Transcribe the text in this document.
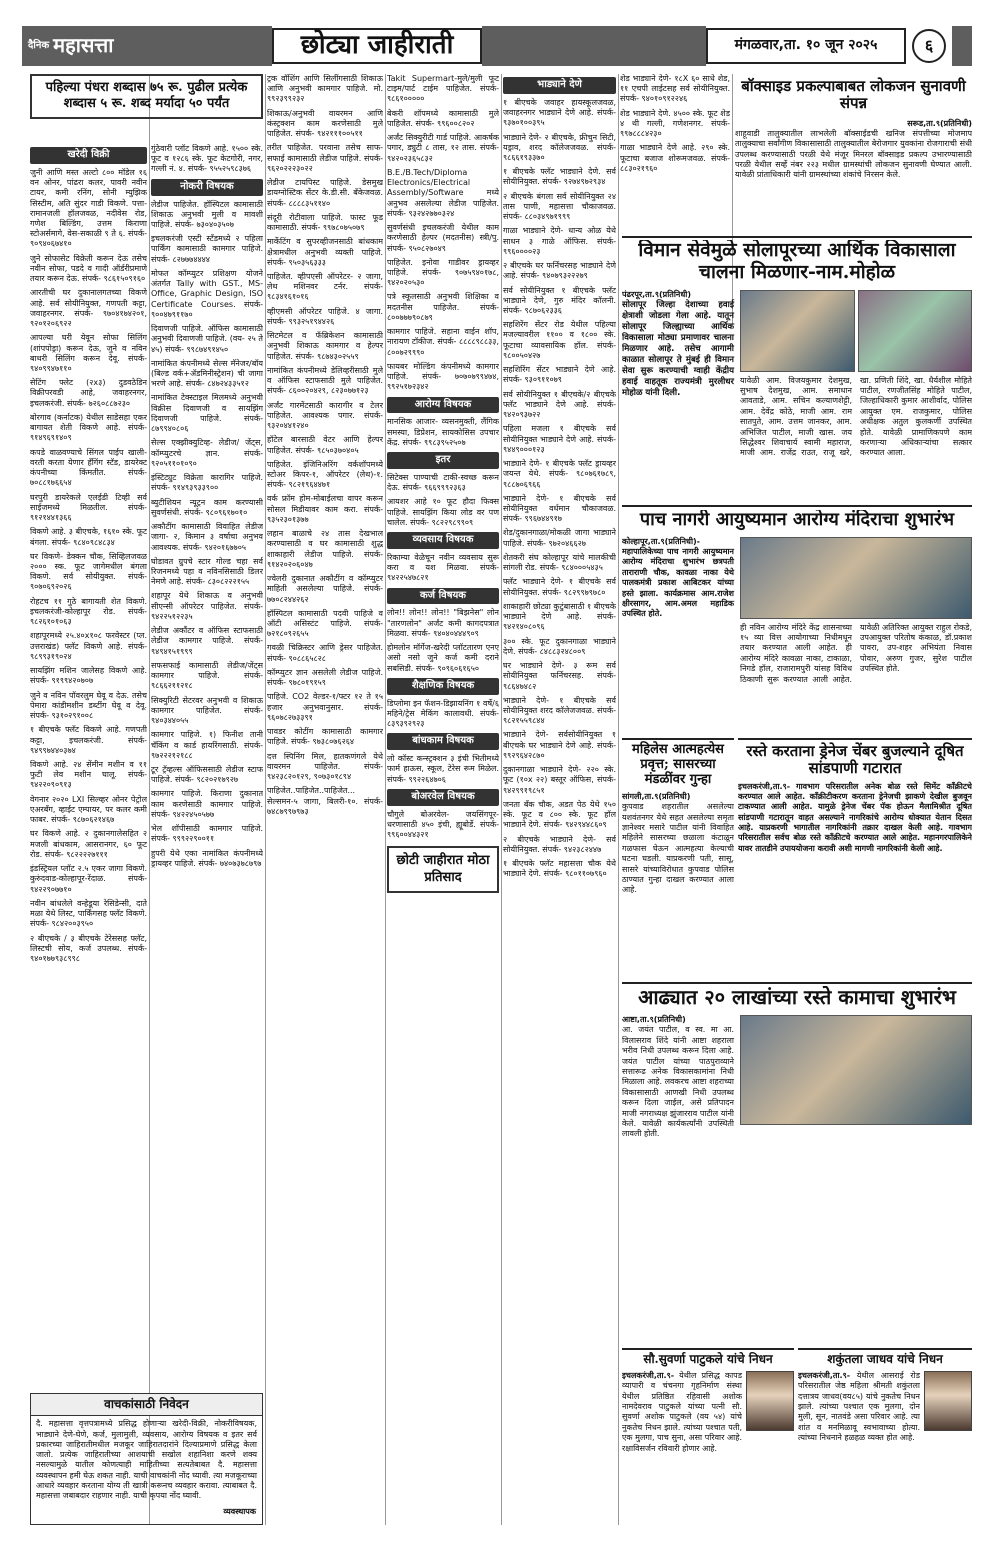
दैनिक महासत्ता	छोट्या जाहीराती	मंगळवार,ता. १० जून २०२५	६
पहिल्या पंधरा शब्दास ७५ रू. पुढील प्रत्येक शब्दास ५ रू. शब्द मर्यादा ५० पर्यंत
खरेदी विक्री
जुनी आणि मस्त अल्टो ८०० मॉडेल १६ वन ओनर, पांढरा कलर, पावरी नवीन टायर, कमी रनिंग, सोनी म्युझिक सिस्टीम, अति सुंदर गाडी विकणे. पत्ता- रामानजली हॉलजवळ, नदीवेस रोड, गणेश बिल्डिंग, उत्तम किराणा स्टोअर्समागे, वेस-सकाळी ९ ते ६. संपर्क- ९०९४०६७४१०
जुने सोफासेट विक्रेती करून देऊ तसेच नवीन सोफा, पडदे व गादी ऑर्डरीप्रमाणे तयार करून देऊ. संपर्क- ९८६१५०९१६०
आरतीची घर दुकानालगतच्या विकणे आहे. सर्व सोयीनियुक्त, गणपती कट्टा, जवाहरनगर. संपर्क- ९७०४१७४२०१, ९२०१२०६९२२
आपल्या घरी येवून सोफा सिलिंग (शांपपोड्रा) करून देऊ, जुने व नविन बाथरी सिलिंग करून देवू. संपर्क- ९४०९९४७११०
सेटिंग फ्लेट (२x३) दुडवठेडिन विक्रीपरवडी आहे, जवाहरनगर, इचलकरंजी. संपर्क- ७२६०८८७२३०
बोरगाव (कर्नाटक) येथील साडेसहा एकर बागायत शेती विकणे आहे. संपर्क- ९१४९६९१४०९
कपडे वाळवण्याचे सिंगल पाईप खाली-वरती करता येणार हँगिंग स्टॅड, डायरेक्ट कंपनीच्या किंमतीत. संपर्क- ७०८८१७६६५४
घरपुरी डायरेकले एलईडी टिव्ही सर्व साईजमध्ये मिळतील. संपर्क- ९१२१४४१३६६
विकणे आहे. ३ बीएचके, १६१० स्के. फूट बंगला. संपर्क- ९८४०९८४८३४
घर विकणे- डेक्कन चौक, सिव्हिलजवळ २००० स्क. फूट जागेमधील बंगला विकणे. सर्व सोयीयुक्त. संपर्क- ९०७०६९२०२६
रोहटच ११ गुठे बागायती शेत विकणे. इचलकरंजी-कोल्हापूर रोड. संपर्क- ९८२६१०१०६३
शहापूरमध्ये २५.४०x१०८ फरवेस्टर (प्ल. उत्तराखंड) फ्लॅट विकणे आहे. संपर्क- ९८९९३१९०२४
सायझिंग मशिन जालेसह विकणे आहे. संपर्क- ९१९९४२०७०७
जुने व नविन पॉवरलुम घेवू व देऊ. तसेच पेमारा कांडीमशीन डब्टींग घेवू व देवू. संपर्क- ९३१०२९१००८
१ बीएचके फ्लॅट विकणे आहे. गणपती कट्टा, इचलकरंजी. संपर्क- ९४९९७४४०३७४
विकणे आहे. २४ सेंमीन मशीन व ११ फुटी लेव मशीन घालू. संपर्क- ९४२२०९०९१३
वेगनार २०२० LXI सिल्व्हर ओनर पेट्रोल एअरबँग, व्हाईट एम्पायर, पर कलर कमी फाबर. संपर्क- ९८७०६२१४६७
घर विकणे आहे. २ दुकानगालेसहित २ मजली बांधकाम, आसरानगर, ६० फूट रोड. संपर्क- ९८२२२२७१११
इंडस्ट्रियल प्लॉट २.५ एकर जागा विकणे. कुरुंदवाड-कोल्हापूर-रेंदाळ. संपर्क- ९४२२९०७७१०
नवीन बांधलेले वन्हेडूया रेसिडेन्सी, दाते मळा येथे लिस्ट, पार्किंगसह फ्लॅट विकणे. संपर्क- ९८४२००३९५०
२ बीएचके / ३ बीएचके टेरेससह फ्लॅट, लिस्टची सोय, कर्ज उपलब्ध. संपर्क- ९४०१७७९३८९९८
गुंठेवारी प्लॉट विकणे आहे. १५०० स्के. फूट व १२८६ स्के. फूट केटगोरी, नगर, गल्ली नं. ४. संपर्क- ९५५२५९८३७६
नोकरी विषयक
लेडीज पाहिजेत. हॉस्पिटल कामासाठी शिकाऊ अनुभवी मुली व मावशी पाहिजे. संपर्क- ७३०४०३५०७
इचलकरंजी एस्टी स्टॅंडमध्ये २ पहिला पार्किंग कामासाठी कामगार पाहिजे. संपर्क- ८२७७७४४४४
मोफत कॉम्प्युटर प्रशिक्षण योजने अंतर्गत Tally with GST., MS-Office, Graphic Design, ISO Certificate Courses. संपर्क- ९००४७९११७०
दिवाणजी पाहिजे. ऑफिस कामासाठी अनुभवी दिवाणजी पाहिजे. (वय- २५ ते ४५) संपर्क- ९९८७४९१४५०
नामांकित कंपनीमध्ये सेल्स मॅनेजर/बॉय (बिल्ड वर्क+ॲडमिनीस्ट्रेशन) ची जागा भरणे आहे. संपर्क- ८४७२४३३५१२
नामांकित टेक्स्टाइल मिलमध्ये अनुभवी विक्रीस दिवाणजी व सायझिंग दिवाणजी पाहिजे. संपर्क- ८७९९४०८०६
सेल्स एक्झीक्युटिव्ह- लेडीज/ जेंट्स, कॉम्प्युटरचे ज्ञान. संपर्क- ९२०५११०१०९०
इंस्टिट्युट विक्रेता कारागिर पाहिजे. संपर्क- ९१४९३९३३९००
ब्युटीशियन न्यूट्रन काम करण्यासी सुवर्णसंधी. संपर्क- ९८०९६१७०१०
अकौटींग कामासाठी विवाहित लेडीज जागा- २, किमान ३ वर्षाचा अनुभव आवश्यक. संपर्क- ९४२०१६७७०५
घोडावत ग्रुपचे स्टार गोल्ड चहा सर्व रिजनमध्ये पहा व नविनसिसाठी डिलर नेमणे आहे. संपर्क- ८३०८२२२१५५
शहापूर येथे शिकाऊ व अनुभवी सीएन्सी ऑपरेटर पाहिजेत. संपर्क- ९४२२५१२२३५
लेडीज अकौंटर व ऑफिस स्टाफसाठी लेडीज कामगार पाहिजे. संपर्क- ९४९४१५१९९९
सफसफाई कामासाठी लेडीज/जेंट्स कामगार पाहिजे. संपर्क- ९८६६२११२१८
सिक्युरिटी सेटरवर अनुभवी व शिकाऊ कामगार पाहिजेत. संपर्क- ९४०३४४०५५
कामगार पाहिजे. १) फिनीश तानी चॅकिंग व कार्ड हायरिंगसाठी. संपर्क- ९७२२२१२१८८
टूर ट्रॅव्हल्स ऑफिससाठी लेडीज स्टाफ पाहिजे. संपर्क- ९८२०२१७९२७
कामगार पाहिजे. किराणा दुकानात काम करणेसाठी कामगार पाहिजे. संपर्क- ९४२२४५०५७७
भेल शॉपीसाठी कामगार पाहिजे. संपर्क- ९९९२२९००११
हुपरी येथे एका नामांकित कंपनीमध्ये ड्रायव्हर पाहिजे. संपर्क- ७४०७३७८७९७
वाचकांसाठी निवेदन

दै. महासत्ता वृत्तपत्रामध्ये प्रसिद्ध होणाऱ्या खरेदी-विक्री, नोकरीविषयक, भाड्याने देणे-घेणे, कर्ज, मुलामुली, व्यवसाय, आरोग्य विषयक व इतर सर्व प्रकारच्या जाहिरातीमधील मजकूर जाहिरातदारांने दिल्याप्रमाणे प्रसिद्ध केला जातो. प्रत्येक जाहिरातीच्या आशयाची सखोल शहानिशा करणे शक्य नसल्यामुळे यातील कोणत्याही माहितीच्या सत्यतेबाबत दै. महासत्ता व्यवस्थापन हमी घेऊ शकत नाही. याची वाचकांनी नोंद घ्यावी. त्या मजकूराच्या आधारे व्यवहार करताना योग्य ती खात्री करूनच व्यवहार करावा. त्याबाबत दै. महासत्ता जबाबदार राहणार नाही. याची कृपया नोंद घ्यावी.

व्यवस्थापक

ट्रक वॉशिंग आणि सिलींगसाठी शिकाऊ आणि अनुभवी कामगार पाहिजे. मो. ९९२३९९२३२
शिकाऊ/अनुभवी वायरमन आणि कंस्ट्रक्शन काम करणेसाठी मुले पाहिजेत. संपर्क- ९४२१११००५११
तरीत पाहिजेत. परवाना तसेच साफ-सफाई कामासाठी लेडीज पाहिजे. संपर्क- ९६२०२२२३०२२
लेडीज टायपिस्ट पाहिजे. डेसमुख डायग्नोस्टिक सेंटर के.डी.सी. बँकेजवळ. संपर्क- ८८८८३५११४०
संदूरी रोटीवाला पाहिजे. फास्ट फूड कामासाठी. संपर्क- ९९७८०७५०७९
मार्केटिंग व सुपरव्हीजनसाठी बांधकाम क्षेत्रामधील अनुभवी व्यक्ती पाहिजे. संपर्क- ९५०३५६३३३
पाहिजेत. व्हीपएसी ऑपरेटर- २ जागा, लेथ मशिनवर टर्नर. संपर्क- ९८३४१६१०१६
व्हीएमसी ऑपरेटर पाहिजे. ४ जागा. संपर्क- ९९३२५१९४४२६
सिटमेटल व फॅब्रिकेशन कामासाठी अनुभवी शिकाऊ कामगार व हेल्पर पाहिजेत. संपर्क- ९८७४३०२५५९
नामांकित कंपनीमध्ये डेलिव्हरीसाठी मुले व ऑफिस स्टाफसाठी मुले पाहिजेत. संपर्क- ८६००२०४२९, ८२३०७७१२३
अर्जंट गारमेंटसाठी कारागीर व टेलर पाहिजेत. आवश्यक पगार. संपर्क- ९३२०४४१२४०
हॉटेल बारसाठी वेटर आणि हेल्पर पाहिजेत. संपर्क- ९८५०३७०४०५
पाहिजेत. इंजिनिअरिंग वर्कशॉपमध्ये स्टोअर किपर-१, ऑपरेटर (लेथ)-१. संपर्क- ९८२१९६४४७१
वर्क फ्रॉम होम-मोबाईलचा वापर करून सोसल मिडीयावर काम करा. संपर्क- ९३५२३०१३७७
लहान बाळाचे २४ तास देखभाल करण्यासाठी व घर कामासाठी शुद्ध शाकाहारी लेडीज पाहिजे. संपर्क- ९१४२०२०६०४७
ज्वेलरी दुकानात अकौटींग व कॉम्प्युटर माहिती असलेल्या पाहिजे. संपर्क- ७७०८२४४२६२
हॉस्पिटल कामासाठी पदवी पाहिजे व ऑटी असिस्टंट पाहिजे. संपर्क- ७२१८०९२६५५
गवळी चिक्रिस्टर आणि ड्रेसर पाहिजेत. संपर्क- ९०८८६५८२८
कॉम्प्युटर ज्ञान असलेली लेडीज पाहिजे. संपर्क- ९७८०१९१५९
पाहिजे. CO2 वेल्डर-१/फ्टर १२ ते १५ हजार अनुभवानुसार. संपर्क- ९६०७८२७३३९१
पावडर कोटींग कामासाठी कामगार पाहिजे. संपर्क- ९७३८०७६२६४
दत्त स्पिनिंग मिल, हातकणंगले येथे वायरमन पाहिजेत. संपर्क- ९४२३८२०१२९, ९०७३०१८९४
पाहिजेत..पाहिजेत..पाहिजेत... सेल्समन-५ जागा, बिलरी-१०. संपर्क- ७४८७९९७९७३
Takit Supermart-मुले/मुली फूट टाइम/पार्ट टाईम पाहिजेत. संपर्क- ९८६१०००००
बेकरी शॉपमध्ये कामासाठी मुले पाहिजेत. संपर्क- ९९६००८२०२
अर्जंट सिक्युरीटी गार्ड पाहिजे. आकर्षक पगार, ड्युटी ८ तास, १२ तास. संपर्क- ९४२०२३६५८३२
B.E./B.Tech/Diploma Electronics/Electrical Assembly/Software मध्ये अनुभव असलेल्या लेडीज पाहिजेत. संपर्क- ९३२४२७७०३२४
सुवर्णसंधी इचलकरंजी येथील काम करणेसाठी हेल्पर (मदतनीस) स्त्री/पु. संपर्क- ९५०८२७०४९
पाहिजेत. इनोवा गाडीवर ड्रायव्हर पाहिजे. संपर्क- ९०७५९४०१७८, ९४२०२०५३०
पत्रे स्कूलसाठी अनुभवी शिक्षिका व मदतनीस पाहिजेत. संपर्क- ८००७७७९०८७९
कामगार पाहिजे. सहाना वाईन शॉप, नारायण टॉकीज. संपर्क- ८८८८९८८३३, ८००७२९९९०
फायबर मोल्डिंग कंपनीमध्ये कामगार पाहिजे. संपर्क- ७०७०७९९४७४, ९९२५१७२३४२
आरोग्य विषयक
मानसिक आजार- व्यसनमुक्ती, लैंगिक समस्या, डिप्रेशन, सायकोसिस उपचार केंद्र. संपर्क- ९९८३९५२५०७
इतर
सिटेक्स पाण्याची टाकी-स्वच्छ करून देऊ. संपर्क- ९६६९९९२३६३
आयशर आहे १० फूट हौदा फिक्स पाहिजे. सायझिंग किया लोड वर पण चालेल. संपर्क- ९८२२९८९९०९
व्यवसाय विषयक
रिकाम्या वेळेचून नवीन व्यवसाय सुरू करा व यश मिळवा. संपर्क- ९४२२५४७८२१
कर्ज विषयक
लोन!! लोन!! लोन!! "बिझनेस" लोन "तारणलोन" अर्जंट कमी कागदपत्रात मिळवा. संपर्क- ९४०४०४४४९०९
होमलोन मॉर्गेज-खरेदी प्लॉटतारण एनए असो नसो जुने कर्ज कमी दराने सबसिडी. संपर्क- ९०९६०६१६५०
शैक्षणिक विषयक
डिप्लोमा इन फॅशन-डिझायनिंग १ वर्षे/६ महिने/ट्रेस मेकिंग कालावधी. संपर्क- ८३९३९२९२३
बांधकाम विषयक
लो कॉस्ट कन्स्ट्रक्शन ३ इंची भितीमध्ये फार्म हाऊस, स्कूल, टेरेस रूम मिळेल. संपर्क- ९९२२६४७०६
बोअरवेल विषयक
चौगुले बोअरवेल- जयसिंगपूर- धरणासाठी ४५० इंची, ह्यूबोर्डे. संपर्क- ९९६००४४३२१
छोटी जाहीरात मोठा प्रतिसाद
भाड्याने देणे
१ बीएचके जवाहर हायस्कूलजवळ, जवाहरनगर भाड्याने देणे आहे. संपर्क- ९३७०१००३९५
भाड्याने देणे- २ बीएचके, फ्रीचुन सिटी, यड्राव, शरद कॉलेजजवळ. संपर्क- ९८६६१९३३७०
१ बीएचके फ्लॅट भाड्याने देणे. सर्व सोयीनियुक्त. संपर्क- ९२७४९७२९३४
२ बीएचके बंगला सर्व सोयीनियुक्त २४ तास पाणी, महासत्ता चौकाजवळ. संपर्क- ८८०३४९७१९९९
गाळा भाड्याने देणे- धान्य ओळ येथे साधन ३ गाळे ऑफिस. संपर्क- ९९६००००२३
२ बीएचके घर फर्निचरसह भाड्याने देणे आहे. संपर्क- ९४०७९३२२२७९
सर्व सोयीनियुक्त १ बीएचके फ्लॅट भाड्याने देणे, गुरु मंदिर कॉलनी. संपर्क- ९८७०६२३३६
सहशिरेंग सेंटर रोड येथील पहिल्या मजल्यावरील ११०० व १८०० स्के. फूटाचा व्यावसायिक हॉल. संपर्क- ९८००५०४२७
सहशिरिंग सेंटर भाड्याने देणे आहे. संपर्क- ९३०९११०७९
सर्व सोयीनियुक्त १ बीएचके/२ बीएचके फ्लॅट भाड्याने देणे आहे. संपर्क- ९४२०९३७२२
पहिला मजला १ बीएचके सर्व सोयीनियुक्त भाड्याने देणे आहे. संपर्क- ९४४९०००१२३
भाड्याने देणे- १ बीएचके फ्लॅट ड्रायव्हर जयन्त येथे. संपर्क- ९८०७६१७८९, ९८८७०६९६६
भाड्याने देणे- १ बीएचके सर्व सोयीनियुक्त वर्धमान चौकाजवळ. संपर्क- ९९६७४४९१७
शेड/दुकानगाळा/मोकळी जागा भाड्याने पाहिजे. संपर्क- ९७२०४६६२७
शेतकरी संघ कोल्हापूर यांचे मालकीची सांगली रोड. संपर्क- ९८४०००५४३५
फ्लॅट भाड्याने देणे- १ बीएचके सर्व सोयीनियुक्त. संपर्क- ९८२९९७९७८०
शाकाहारी छोट्या कुटुंबासाठी १ बीएचके भाड्याने देणे आहे. संपर्क- ९४२१४०८०९६
३०० स्के. फूट दुकानगाळा भाड्याने देणे. संपर्क- ८४८८३२४८००९
घर भाड्याने देणे- ३ रूम सर्व सोयीनियुक्त फर्निचरसह. संपर्क- ९८६४७४८२
भाड्याने देणे- १ बीएचके सर्व सोयीनियुक्त शरद कॉलेजजवळ. संपर्क- ९८२१५५९८४४
भाड्याने देणे- सर्वसोयीनियुक्त १ बीएचके घर भाड्याने देणे आहे. संपर्क- ९९२९६४२८७०
दुकानगाळा भाड्याने देणे- २२० स्के. फूट (१०x २२) बस्तूर ऑफिस, संपर्क- ९४२९९१९८५१
जनता बँक चौक, अडत पेठ येथे १५० स्के. फूट व ८०० स्के. फूट हॉल भाड्याने देणे. संपर्क- ९४२९४४८६०९
२ बीएचके भाड्याने देणे- सर्व सोयीनियुक्त. संपर्क- ९४२३८२४४७
१ बीएचके फ्लॅट महासत्ता चौक येथे भाड्याने देणे. संपर्क- ९८०११०७९६०
शेड भाड्याने देणे- १८X ६० साधे शेड, ११ एचपी लाईटसह सर्व सोयीनियुक्त. संपर्क- ९४०१०९१२२४६
शेड भाड्याने देणे. ४५०० स्के. फूट शेड ४ थी गल्ली, गणेशनगर. संपर्क- ९९७८८८४२३०
गाळा भाड्याने देणे आहे. २९० स्के. फूटाचा बजाज शोरूमजवळ. संपर्क- ८८३०२१९६०
बॉक्साइड प्रकल्पाबाबत लोकजन सुनावणी संपन्न
सरूड,ता.९(प्रतिनिधी)

शाहूवाडी तालुक्यातील लाभलेली बॉक्साईडची खनिज संपत्तीच्या मोजमाप तालुक्याचा सर्वांगीण विकासासाठी तालुक्यातील बेरोजगार युवकांना रोजगाराची संधी उपलब्ध करण्यासाठी परळी येथे मंजूर मिनरल बॉक्साइड प्रकल्प उभारण्यासाठी परळी येथील सर्व्हे नंबर २२३ मधील ग्रामस्थांची लोकजन सुनावणी घेण्यात आली. यावेळी प्रांताधिकारी यांनी ग्रामस्थांच्या शंकांचे निरसन केले.
विमान सेवेमुळे सोलापूरच्या आर्थिक विकासाला चालना मिळणार-नाम.मोहोळ
पंढरपूर,ता.९(प्रतिनिधी)
सोलापूर जिल्हा देशाच्या हवाई क्षेत्राशी जोडला गेला आहे. यातून सोलापूर जिल्ह्याच्या आर्थिक विकासाला मोठ्या प्रमाणावर चालना मिळणार आहे. तसेच आगामी काळात सोलापूर ते मुंबई ही विमान सेवा सुरू करण्याची ग्वाही केंद्रीय हवाई वाहतूक राज्यमंत्री मुरलीधर मोहोळ यांनी दिली.
यावेळी आम. विजयकुमार देशमुख, सुभाष देशमुख, आम. समाधान आवताडे, आम. सचिन कल्याणशेट्टी, आम. देवेंद्र कोठे, माजी आम. राम सातपुते, आम. उत्तम जानकर, आम. अभिजित पाटील, माजी खास. जय सिद्धेश्वर शिवाचार्य स्वामी महाराज, माजी आम. राजेंद्र राउत, राजू खरे, खा. प्रणिती शिंदे, खा. धैर्यशील मोहिते पाटील, रणजीतसिंह मोहिते पाटील, जिल्हाधिकारी कुमार आशीर्वाद, पोलिस आयुक्त एम. राजकुमार, पोलिस अधीक्षक अतुल कुलकर्णी उपस्थित होते. यावेळी प्रामाणिकपणे काम करणाऱ्या अधिकाऱ्यांचा सत्कार करण्यात आला.
पाच नागरी आयुष्यमान आरोग्य मंदिराचा शुभारंभ
कोल्हापूर,ता.९(प्रतिनिधी)-
महापालिकेच्या पाच नागरी आयुष्यमान आरोग्य मंदिराचा शुभारंभ छत्रपती ताराराणी चौक, कावळा नाका येथे पालकमंत्री प्रकाश आबिटकर यांच्या हस्ते झाला. कार्यक्रमास आम.राजेश क्षीरसागर, आम.अमल महाडिक उपस्थित होते.
ही नविन आरोग्य मंदिरे केंद्र शासनाच्या १५ व्या वित्त आयोगाच्या निधीमधून तयार करण्यात आली आहेत. ही आरोग्य मंदिरे कावळा नाका, टाकाळा, निगडे हॉल, राजारामपुरी यांसह विविध ठिकाणी सुरू करण्यात आली आहेत. यावेळी अतिरिक्त आयुक्त राहुल रोकडे, उपआयुक्त परितोष कंकाळ, डॉ.प्रकाश पावरा, उप-शहर अभियंता निवास पोवार, अरुण गुजर, सुरेश पाटील उपस्थित होते.
महिलेस आत्महत्येस प्रवृत्त; सासरच्या मंडळींवर गुन्हा
सांगली,ता.९(प्रतिनिधी)
कुपवाड शहरातील असलेल्या यशवंतनगर येथे सहत असलेल्या समृता ज्ञानेश्वर मसारे पाटील यांनी विवाहित महिलेने सासरच्या छळाला कंटाळून गळफास घेऊन आत्महत्या केल्याची घटना घडली. याप्रकरणी पती, सासू, सासरे यांच्याविरोधात कुपवाड पोलिस ठाण्यात गुन्हा दाखल करण्यात आला आहे.
रस्ते करताना ड्रेनेज चेंबर बुजल्याने दूषित सांडपाणी गटारात
इचलकरंजी,ता.९- गावभाग परिसरातील अनेक बोळ रस्ते सिमेंट काँक्रीटचे करण्यात आले आहेत. काँक्रीटीकरण करताना ड्रेनेजची झाकणे देखील बुजवून टाकण्यात आली आहेत. यामुळे ड्रेनेज चेंबर पॅक होऊन मैलामिश्रीत दूषित सांडपाणी गटारातून वाहत असल्याने नागरिकांचे आरोग्य धोक्यात येतान दिसत आहे. याप्रकरणी भागातील नागरिकांनी तक्रार दाखल केली आहे. गावभाग परिसरातील सर्वच बोळ रस्ते काँक्रीटचे करण्यात आले आहेत. महानगरपालिकेने यावर तातडीने उपाययोजना करावी अशी मागणी नागरिकांनी केली आहे.
आढ्यात २० लाखांच्या रस्ते कामाचा शुभारंभ
आष्टा,ता.९(प्रतिनिधी)
आ. जयंत पाटील, व स्व. मा आ. विलासराव शिंदे यांनी आष्टा शहराला भरीव निधी उपलब्ध करून दिला आहे. जयंत पाटील यांच्या पाठपुराव्याने सत्तारूढ अनेक विकासकामांना निधी मिळाला आहे. लवकरच आष्टा शहराच्या विकासासाठी आणखी निधी उपलब्ध करून दिला जाईल, असे प्रतिपादन माजी नगराध्यक्ष झुंजारराव पाटील यांनी केले. यावेळी कार्यकर्त्यांनी उपस्थिती लावली होती.
सौ.सुवर्णा पाटुकले यांचे निधन
इचलकरंजी,ता.९- येथील प्रसिद्ध कापड व्यापारी व चंचनगा गृहनिर्माण संस्था येथील प्रतिष्ठित रहिवासी अशोक नामदेवराव पाटुकले यांच्या पत्नी सौ. सुवर्णा अशोक पाटुकले (वय ५४) यांचे नुकतेच निधन झाले. त्यांच्या पश्चात पती, एक मुलगा, पाच सुना, असा परिवार आहे. रक्षाविसर्जन रविवारी होणार आहे.
शकुंतला जाधव यांचे निधन
इचलकरंजी,ता.९- येथील आसराई रोड परिसरातील जेष्ठ महिला श्रीमती शकुंतला दत्तात्रय जाधव(वय८५) यांचे नुकतेच निधन झाले. त्यांच्या पश्चात एक मुलगा, दोन मुली, सून, नातवंडे असा परिवार आहे. त्या शांत व मनमिळावू स्वभावाच्या होत्या. त्यांच्या निधनाने हळहळ व्यक्त होत आहे.
